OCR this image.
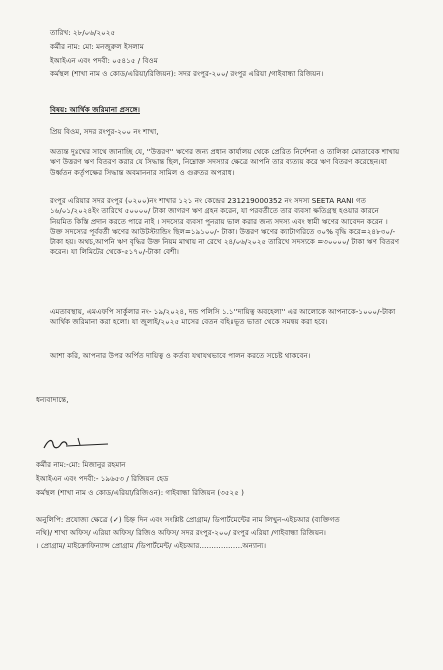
তারিখ: ২৮/০৬/২০২৫
কর্মীর নাম: মো: মনজুরুল ইসলাম
ইআইএন এবং পদবী: ০৫৪১৫ / বিওম
কর্মস্থল (শাখা নাম ও কোড/এরিয়া/রিজিয়ন): সদর রংপুর-২০০/ রংপুর এরিয়া /গাইবান্ধা রিজিয়ন।
বিষয়: আর্থিক জরিমানা প্রসঙ্গে।
প্রিয় বিওম, সদর রংপুর-২০০ নং শাখা,
অত্যন্ত দুঃখের সাথে জানাচ্ছি যে, ''উত্তরণ'' ঋণের জন্য প্রধান কার্যালয় থেকে প্রেরিত নির্দেশনা ও তালিকা মোতাবেক শাখায় ঋণ উত্তরণ ঋণ বিতরণ করার যে সিদ্ধান্ত ছিল, নিম্নোক্ত সদস্যার ক্ষেত্রে আপনি তার ব্যত্যয় করে ঋণ বিতরণ করেছেন।যা উর্ধ্বতন কর্তৃপক্ষের সিদ্ধান্ত অবমাননার সামিল ও গুরুতর অপরাধ।
রংপুর এরিয়ার সদর রংপুর (০২০০)নং শাখার ১২১ নং কেন্দ্রের 231219000352 নং সদস্য SEETA RANI গত ১৬/০১/২০২৪ইং তারিখে ৫০০০০/ টাকা জাগরণ ঋণ গ্রহন করেন, যা পরবর্তীতে তার ব্যবসা ক্ষতিগ্রস্থ হওয়ার কারনে নিয়মিত কিস্তি প্রদান করতে পারে নাই । সদস্যের ব্যবসা পুনরায় ভাল করার জন্য সদস্য এবং স্বামী ঋণের আবেদন করেন । উক্ত সদস্যের পূর্ববর্তী ঋণের আউটস্ট্যান্ডিং ছিল=১৯১০০/- টাকা। উত্তরণ ঋণের ক্যাটাগরিতে ৩০% বৃদ্ধি করে=২৪৮৩০/- টাকা হয়। অথচ,আপনি ঋণ বৃদ্ধির উক্ত নিয়ম মাথায় না রেখে ২৪/০৬/২০২৫ তারিখে সদস্যকে =৩০০০০/ টাকা ঋণ বিতরণ করেন। যা লিমিটের থেকে-৫১৭০/-টাকা বেশী।
এমতাবস্থায়, এমএফপি সার্কুলার নং- ১৯/২০২৪, দন্ড পলিসি ১.১''দায়িত্ব অবহেলা'' এর আলোকে আপনাকে-১০০০/-টাকা আর্থিক জরিমানা করা হলো। যা জুলাই/২০২৫ মাসের বেতন বহিঃভূত ভাতা থেকে সমন্বয় করা হবে।
আশা করি, আপনার উপর অর্পিত দায়িত্ব ও কর্তব্য যথাযথভাবে পালন করতে সচেষ্ট থাকবেন।
ধন্যবাদান্তে,
কর্মীর নাম:-মো: মিজানুর রহমান
ইআইএন এবং পদবী:- ১৯৬৫৩ / রিজিয়ন হেড
কর্মস্থল (শাখা নাম ও কোড/এরিয়া/রিজিওন): গাইবান্ধা রিজিয়ন (৩৫২৫ )
অনুলিপি: প্রযোজ্য ক্ষেত্রে (✓) চিহ্ন দিন এবং সংশ্লিষ্ট প্রোগ্রাম/ ডিপার্টমেন্টের নাম লিখুন-এইচআর (ব্যক্তিগত
নথি)/ শাখা অফিস/ এরিয়া অফিস/ রিজিও অফিস/ সদর রংপুর-২০০/ রংপুর এরিয়া /গাইবান্ধা রিজিয়ন।
। প্রোগ্রাম/ মাইক্রোফিন্যান্স প্রোগ্রাম /ডিপার্টমেন্ট/ এইচআর………………অন্যান্য।
